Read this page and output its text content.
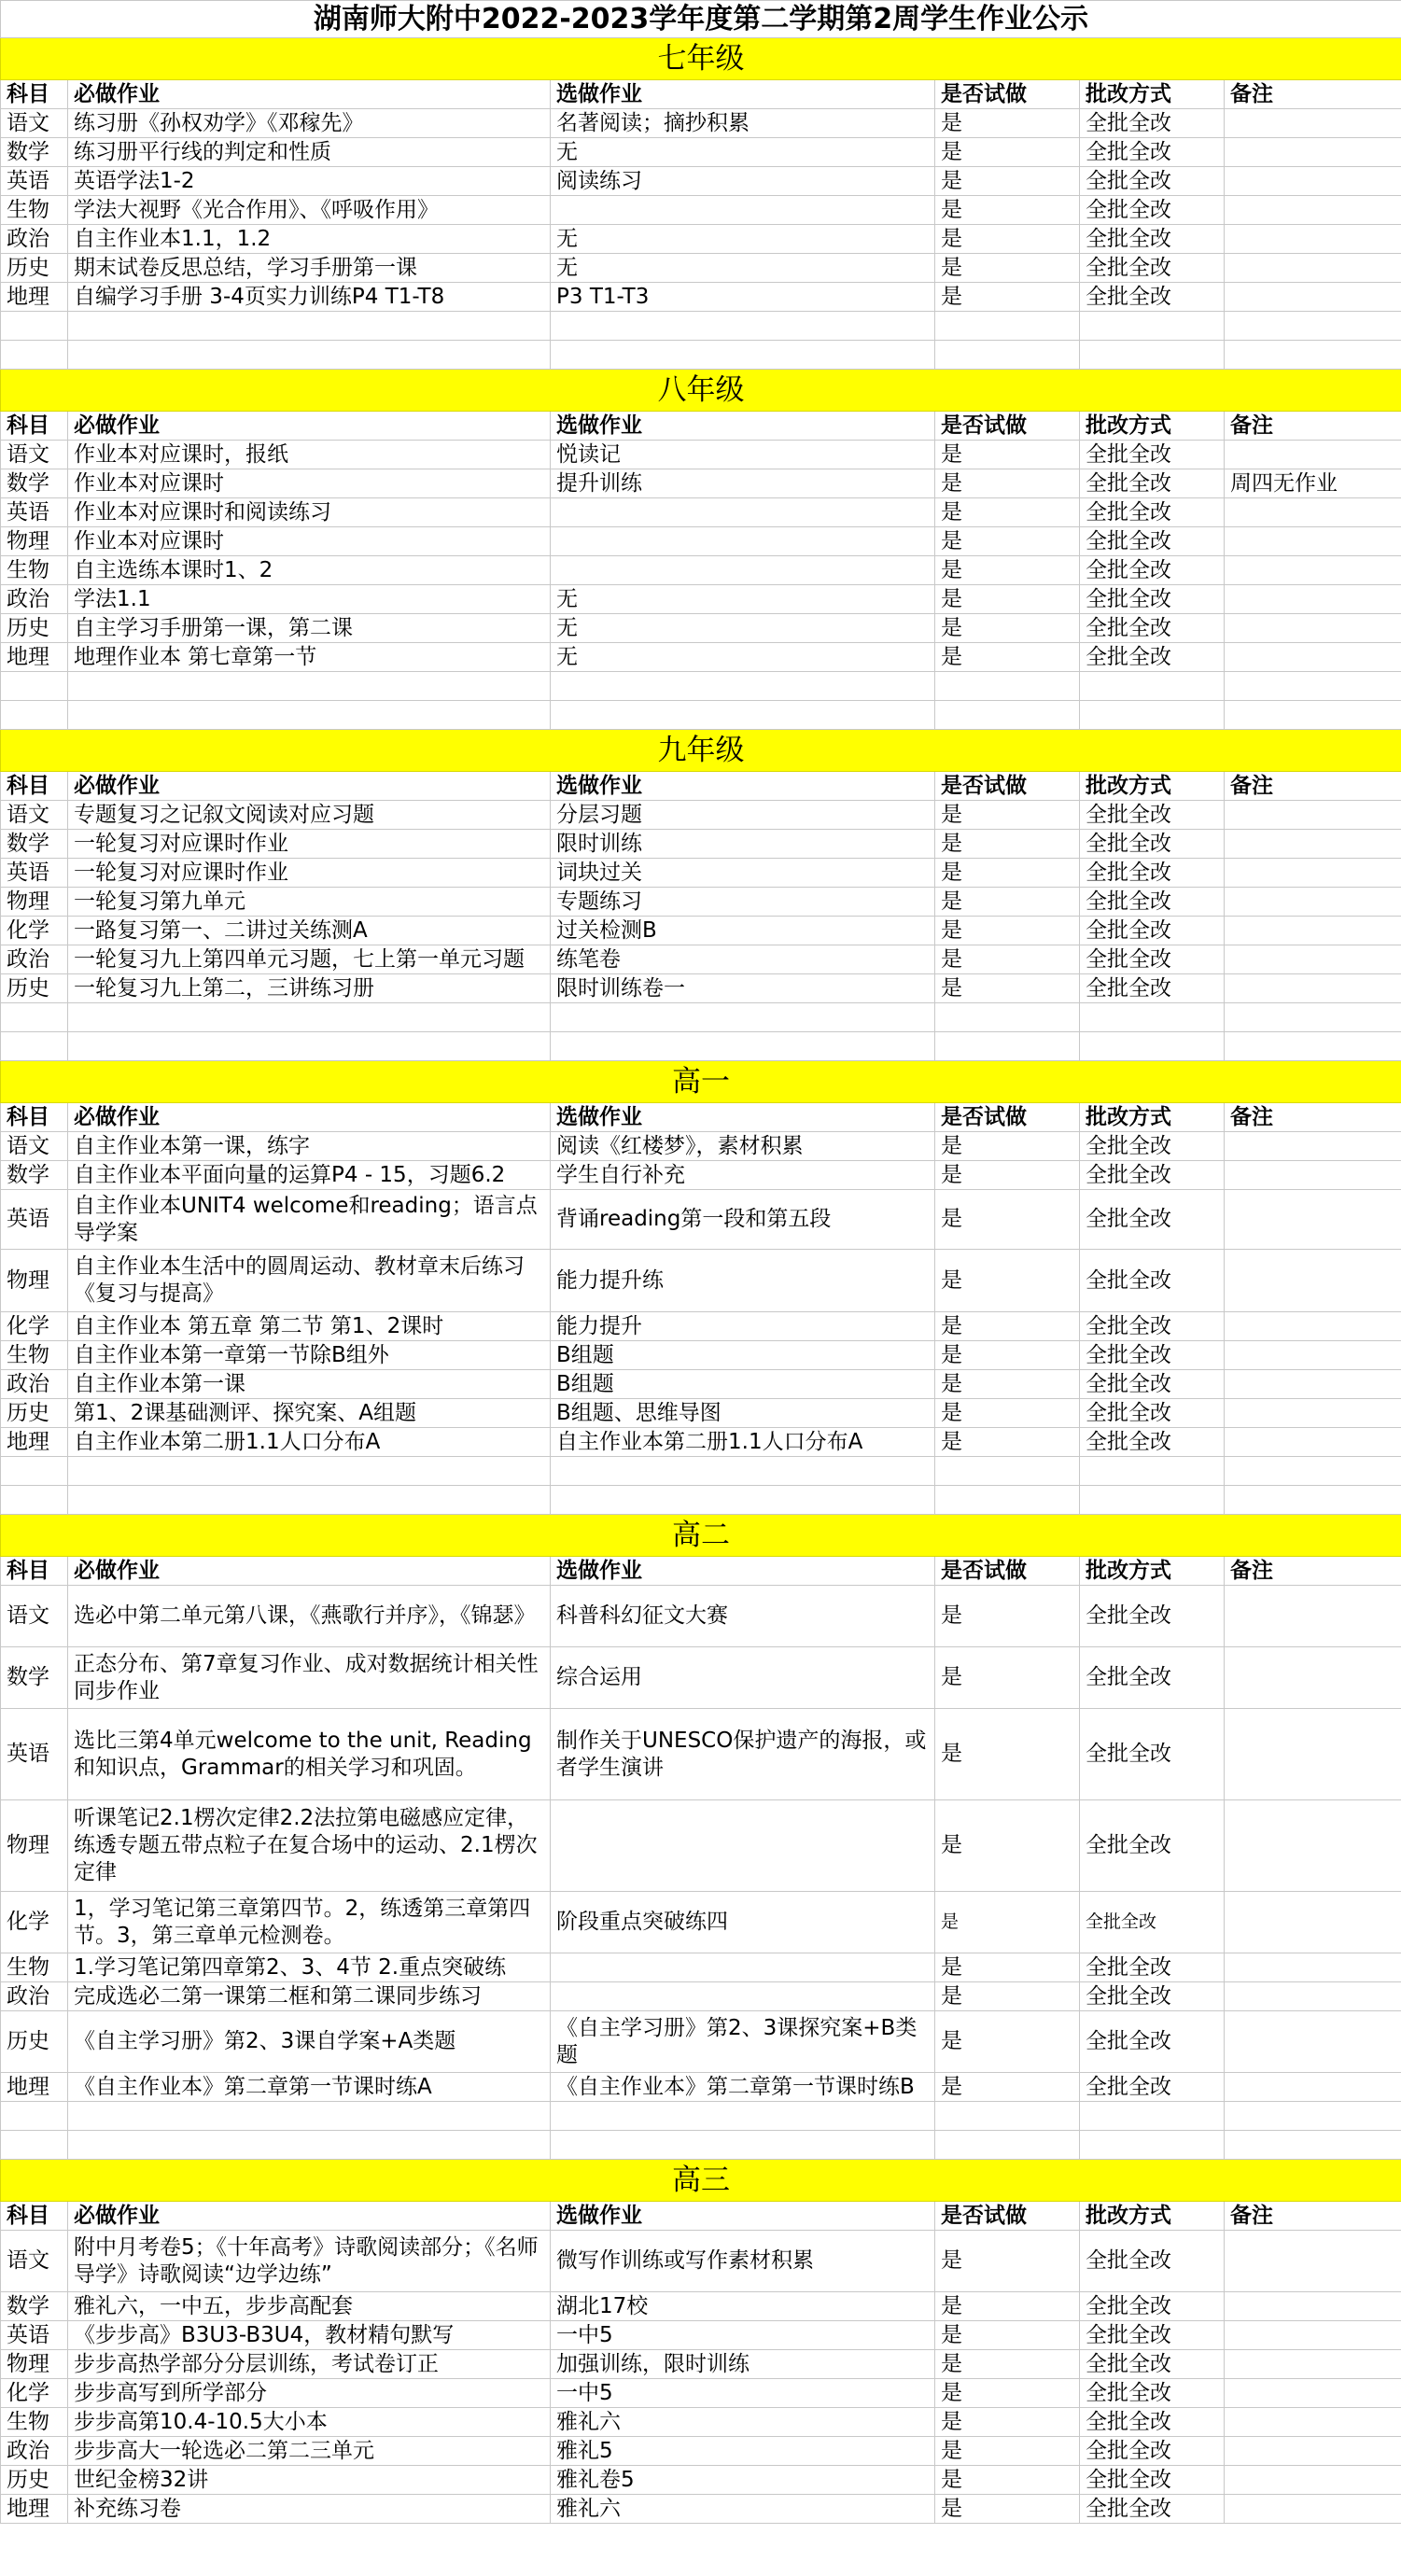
湖南师大附中2022-2023学年度第二学期第2周学生作业公示					
七年级					
科目	必做作业	选做作业	是否试做	批改方式	备注
语文	练习册《孙权劝学》《邓稼先》	名著阅读；摘抄积累	是	全批全改	
数学	练习册平行线的判定和性质	无	是	全批全改	
英语	英语学法1-2	阅读练习	是	全批全改	
生物	学法大视野《光合作用》、《呼吸作用》		是	全批全改	
政治	自主作业本1.1，1.2	无	是	全批全改	
历史	期末试卷反思总结，学习手册第一课	无	是	全批全改	
地理	自编学习手册 3-4页实力训练P4 T1-T8	P3 T1-T3	是	全批全改	

八年级					
科目	必做作业	选做作业	是否试做	批改方式	备注
语文	作业本对应课时，报纸	悦读记	是	全批全改	
数学	作业本对应课时	提升训练	是	全批全改	周四无作业
英语	作业本对应课时和阅读练习		是	全批全改	
物理	作业本对应课时		是	全批全改	
生物	自主选练本课时1、2		是	全批全改	
政治	学法1.1	无	是	全批全改	
历史	自主学习手册第一课，第二课	无	是	全批全改	
地理	地理作业本 第七章第一节	无	是	全批全改	

九年级					
科目	必做作业	选做作业	是否试做	批改方式	备注
语文	专题复习之记叙文阅读对应习题	分层习题	是	全批全改	
数学	一轮复习对应课时作业	限时训练	是	全批全改	
英语	一轮复习对应课时作业	词块过关	是	全批全改	
物理	一轮复习第九单元	专题练习	是	全批全改	
化学	一路复习第一、二讲过关练测A	过关检测B	是	全批全改	
政治	一轮复习九上第四单元习题，七上第一单元习题	练笔卷	是	全批全改	
历史	一轮复习九上第二，三讲练习册	限时训练卷一	是	全批全改	

高一					
科目	必做作业	选做作业	是否试做	批改方式	备注
语文	自主作业本第一课，练字	阅读《红楼梦》，素材积累	是	全批全改	
数学	自主作业本平面向量的运算P4 - 15，习题6.2	学生自行补充	是	全批全改	
英语	自主作业本UNIT4 welcome和reading；语言点导学案	背诵reading第一段和第五段	是	全批全改	
物理	自主作业本生活中的圆周运动、教材章末后练习《复习与提高》	能力提升练	是	全批全改	
化学	自主作业本 第五章 第二节 第1、2课时	能力提升	是	全批全改	
生物	自主作业本第一章第一节除B组外	B组题	是	全批全改	
政治	自主作业本第一课	B组题	是	全批全改	
历史	第1、2课基础测评、探究案、A组题	B组题、思维导图	是	全批全改	
地理	自主作业本第二册1.1人口分布A	自主作业本第二册1.1人口分布A	是	全批全改	

高二					
科目	必做作业	选做作业	是否试做	批改方式	备注
语文	选必中第二单元第八课，《燕歌行并序》，《锦瑟》	科普科幻征文大赛	是	全批全改	
数学	正态分布、第7章复习作业、成对数据统计相关性同步作业	综合运用	是	全批全改	
英语	选比三第4单元welcome to the unit, Reading和知识点，Grammar的相关学习和巩固。	制作关于UNESCO保护遗产的海报，或者学生演讲	是	全批全改	
物理	听课笔记2.1楞次定律2.2法拉第电磁感应定律，练透专题五带点粒子在复合场中的运动、2.1楞次定律		是	全批全改	
化学	1，学习笔记第三章第四节。2，练透第三章第四节。3，第三章单元检测卷。	阶段重点突破练四	是	全批全改	
生物	1.学习笔记第四章第2、3、4节 2.重点突破练		是	全批全改	
政治	完成选必二第一课第二框和第二课同步练习		是	全批全改	
历史	《自主学习册》第2、3课自学案+A类题	《自主学习册》第2、3课探究案+B类题	是	全批全改	
地理	《自主作业本》第二章第一节课时练A	《自主作业本》第二章第一节课时练B	是	全批全改	

高三					
科目	必做作业	选做作业	是否试做	批改方式	备注
语文	附中月考卷5；《十年高考》诗歌阅读部分；《名师导学》诗歌阅读“边学边练”	微写作训练或写作素材积累	是	全批全改	
数学	雅礼六，一中五，步步高配套	湖北17校	是	全批全改	
英语	《步步高》B3U3-B3U4，教材精句默写	一中5	是	全批全改	
物理	步步高热学部分分层训练，考试卷订正	加强训练，限时训练	是	全批全改	
化学	步步高写到所学部分	一中5	是	全批全改	
生物	步步高第10.4-10.5大小本	雅礼六	是	全批全改	
政治	步步高大一轮选必二第二三单元	雅礼5	是	全批全改	
历史	世纪金榜32讲	雅礼卷5	是	全批全改	
地理	补充练习卷	雅礼六	是	全批全改	
